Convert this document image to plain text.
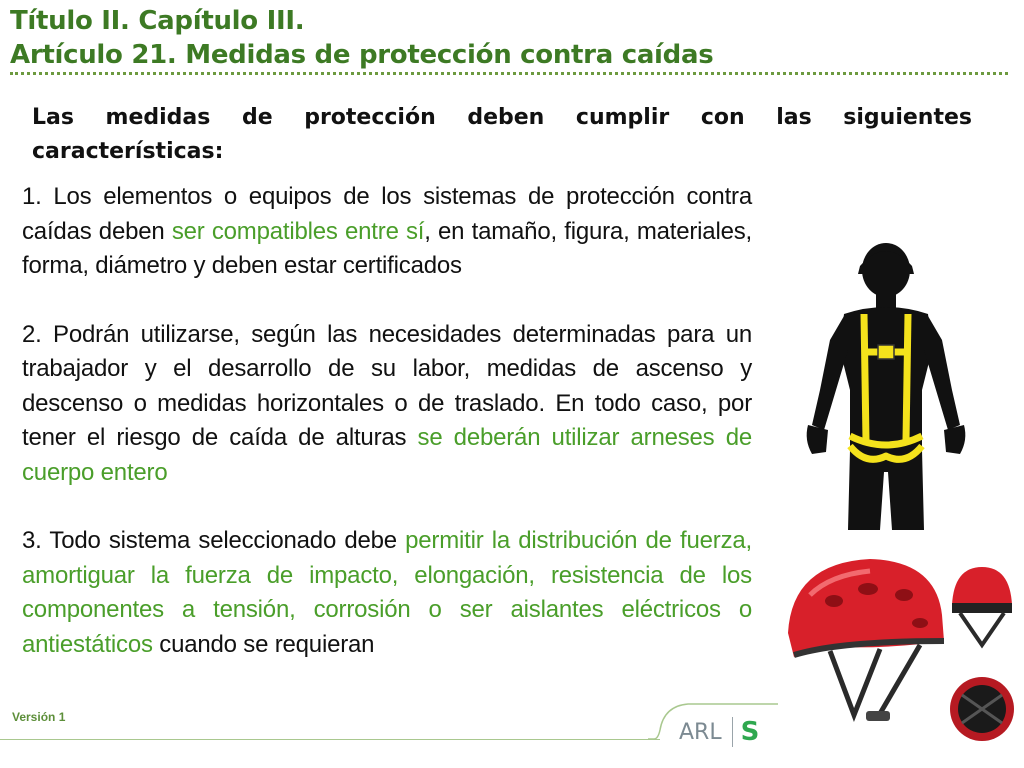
Título II. Capítulo III.
Artículo 21. Medidas de protección contra caídas
Las medidas de protección deben cumplir con las siguientes características:

1. Los elementos o equipos de los sistemas de protección contra caídas deben ser compatibles entre sí, en tamaño, figura, materiales, forma, diámetro y deben estar certificados

2. Podrán utilizarse, según las necesidades determinadas para un trabajador y el desarrollo de su labor, medidas de ascenso y descenso o medidas horizontales o de traslado. En todo caso, por tener el riesgo de caída de alturas se deberán utilizar arneses de cuerpo entero

3. Todo sistema seleccionado debe permitir la distribución de fuerza, amortiguar la fuerza de impacto, elongación, resistencia de los componentes a tensión, corrosión o ser aislantes eléctricos o antiestáticos cuando se requieran

Versión 1
ARL S
